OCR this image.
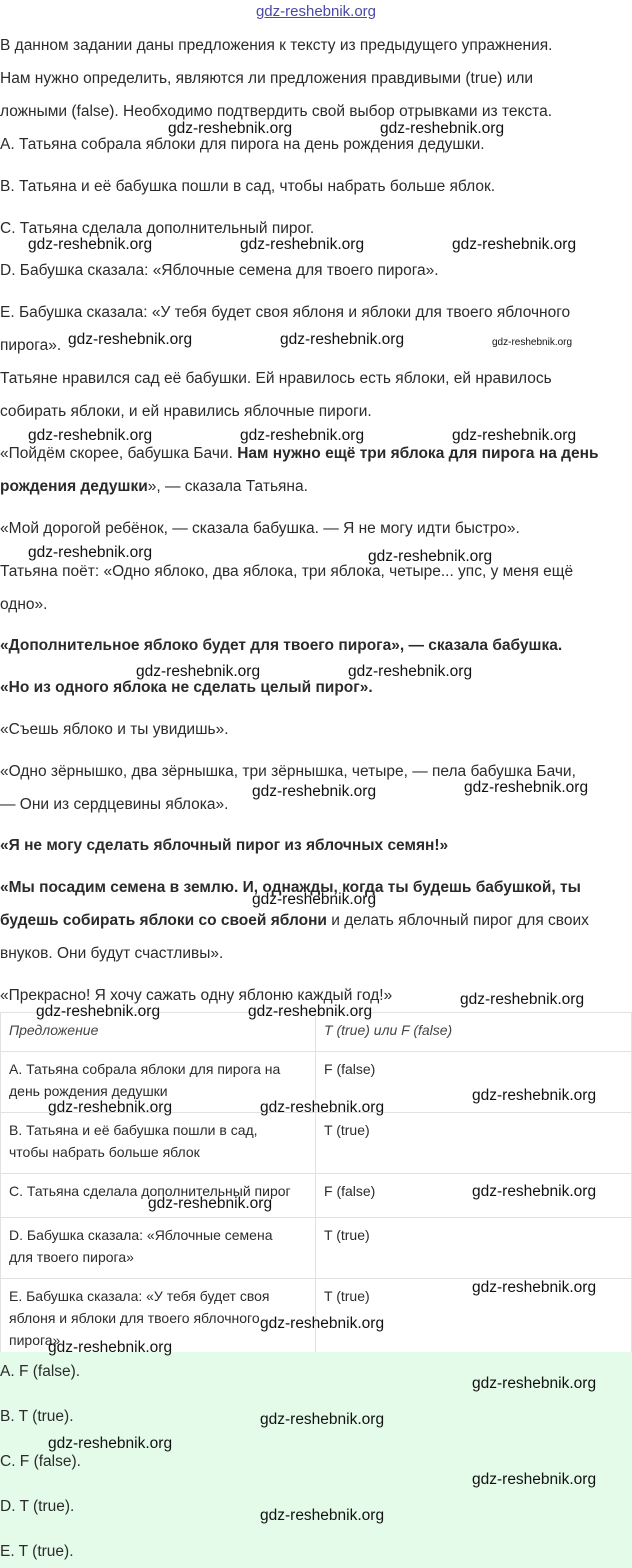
gdz-reshebnik.org

В данном задании даны предложения к тексту из предыдущего упражнения.

Нам нужно определить, являются ли предложения правдивыми (true) или

ложными (false). Необходимо подтвердить свой выбор отрывками из текста.

A. Татьяна собрала яблоки для пирога на день рождения дедушки.

B. Татьяна и её бабушка пошли в сад, чтобы набрать больше яблок.

C. Татьяна сделала дополнительный пирог.

D. Бабушка сказала: «Яблочные семена для твоего пирога».

E. Бабушка сказала: «У тебя будет своя яблоня и яблоки для твоего яблочного

пирога».

Татьяне нравился сад её бабушки. Ей нравилось есть яблоки, ей нравилось

собирать яблоки, и ей нравились яблочные пироги.

«Пойдём скорее, бабушка Бачи. Нам нужно ещё три яблока для пирога на день

рождения дедушки», — сказала Татьяна.

«Мой дорогой ребёнок, — сказала бабушка. — Я не могу идти быстро».

Татьяна поёт: «Одно яблоко, два яблока, три яблока, четыре... упс, у меня ещё

одно».

«Дополнительное яблоко будет для твоего пирога», — сказала бабушка.

«Но из одного яблока не сделать целый пирог».

«Съешь яблоко и ты увидишь».

«Одно зёрнышко, два зёрнышка, три зёрнышка, четыре, — пела бабушка Бачи,

— Они из сердцевины яблока».

«Я не могу сделать яблочный пирог из яблочных семян!»

«Мы посадим семена в землю. И, однажды, когда ты будешь бабушкой, ты

будешь собирать яблоки со своей яблони и делать яблочный пирог для своих

внуков. Они будут счастливы».

«Прекрасно! Я хочу сажать одну яблоню каждый год!»

Предложение	T (true) или F (false)
A. Татьяна собрала яблоки для пирога на
день рождения дедушки	F (false)
B. Татьяна и её бабушка пошли в сад,
чтобы набрать больше яблок	T (true)
C. Татьяна сделала дополнительный пирог	F (false)
D. Бабушка сказала: «Яблочные семена
для твоего пирога»	T (true)
E. Бабушка сказала: «У тебя будет своя
яблоня и яблоки для твоего яблочного
пирога»	T (true)
A. F (false).
B. T (true).
C. F (false).
D. T (true).
E. T (true).
gdz-reshebnik.org	gdz-reshebnik.org
gdz-reshebnik.org	gdz-reshebnik.org	gdz-reshebnik.org
gdz-reshebnik.org	gdz-reshebnik.org	gdz-reshebnik.org
gdz-reshebnik.org	gdz-reshebnik.org	gdz-reshebnik.org
gdz-reshebnik.org	gdz-reshebnik.org
gdz-reshebnik.org	gdz-reshebnik.org
gdz-reshebnik.org	gdz-reshebnik.org
gdz-reshebnik.org
gdz-reshebnik.org
gdz-reshebnik.org	gdz-reshebnik.org
gdz-reshebnik.org	gdz-reshebnik.org
gdz-reshebnik.org
gdz-reshebnik.org
gdz-reshebnik.org
gdz-reshebnik.org
gdz-reshebnik.org
gdz-reshebnik.org
gdz-reshebnik.org
gdz-reshebnik.org
gdz-reshebnik.org
gdz-reshebnik.org
gdz-reshebnik.org
